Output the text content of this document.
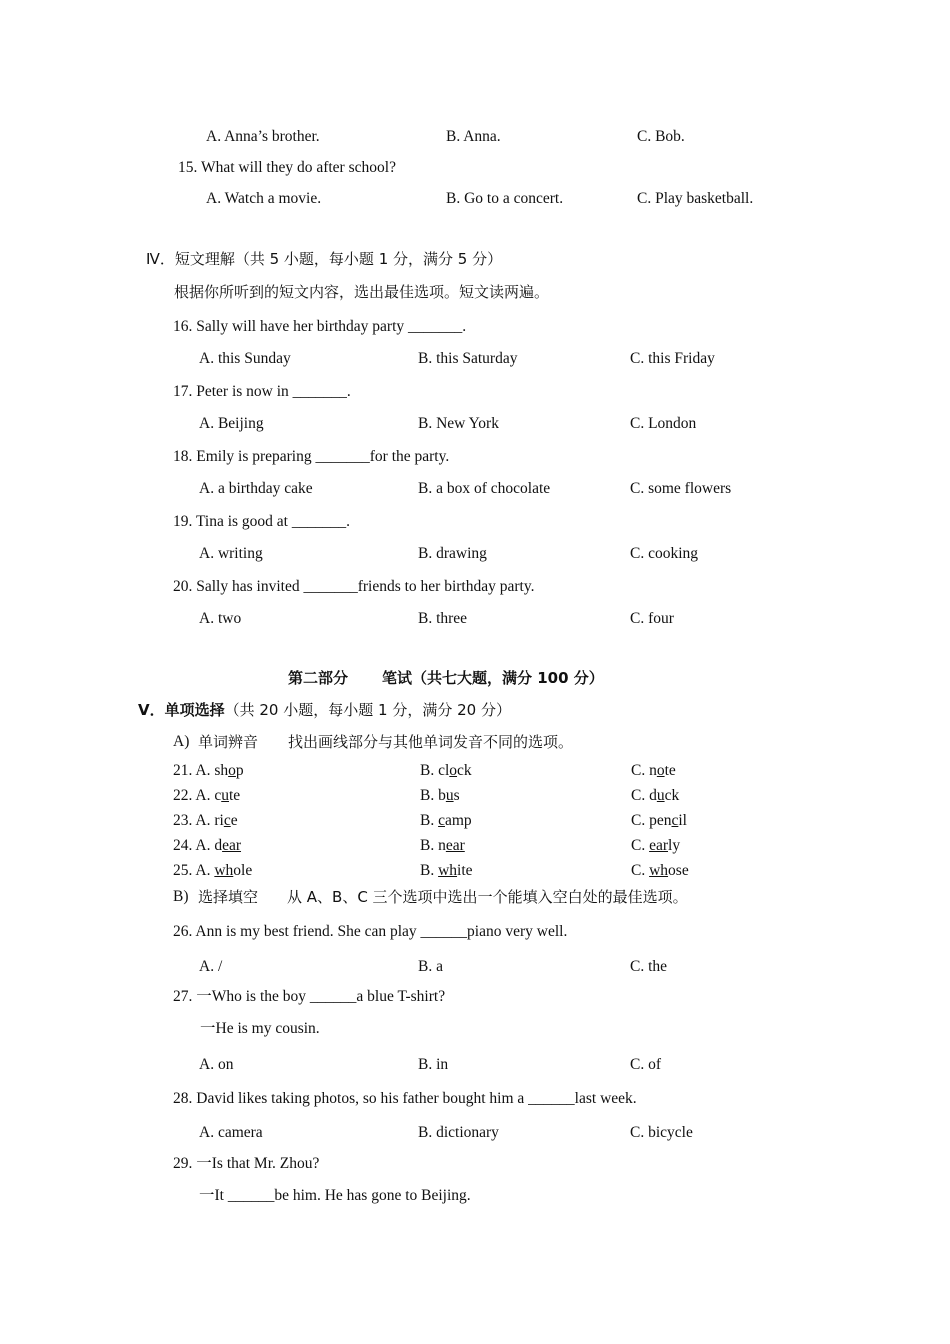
A. Anna’s brother.	B. Anna.	C. Bob.
15. What will they do after school?
A. Watch a movie.	B. Go to a concert.	C. Play basketball.
Ⅳ．短文理解（共 5 小题，每小题 1 分，满分 5 分）
根据你所听到的短文内容，选出最佳选项。短文读两遍。
16. Sally will have her birthday party _______.
A. this Sunday	B. this Saturday	C. this Friday
17. Peter is now in _______.
A. Beijing	B. New York	C. London
18. Emily is preparing _______for the party.
A. a birthday cake	B. a box of chocolate	C. some flowers
19. Tina is good at _______.
A. writing	B. drawing	C. cooking
20. Sally has invited _______friends to her birthday party.
A. two	B. three	C. four
第二部分 笔试（共七大题，满分 100 分）
V．单项选择（共 20 小题，每小题 1 分，满分 20 分）
A) 单词辨音 找出画线部分与其他单词发音不同的选项。
21. A. shop	B. clock	C. note
22. A. cute	B. bus	C. duck
23. A. rice	B. camp	C. pencil
24. A. dear	B. near	C. early
25. A. whole	B. white	C. whose
B) 选择填空 从 A、B、C 三个选项中选出一个能填入空白处的最佳选项。
26. Ann is my best friend. She can play ______piano very well.
A. /	B. a	C. the
27. 一Who is the boy ______a blue T-shirt?
一He is my cousin.
A. on	B. in	C. of
28. David likes taking photos, so his father bought him a ______last week.
A. camera	B. dictionary	C. bicycle
29. 一Is that Mr. Zhou?
一It ______be him. He has gone to Beijing.
